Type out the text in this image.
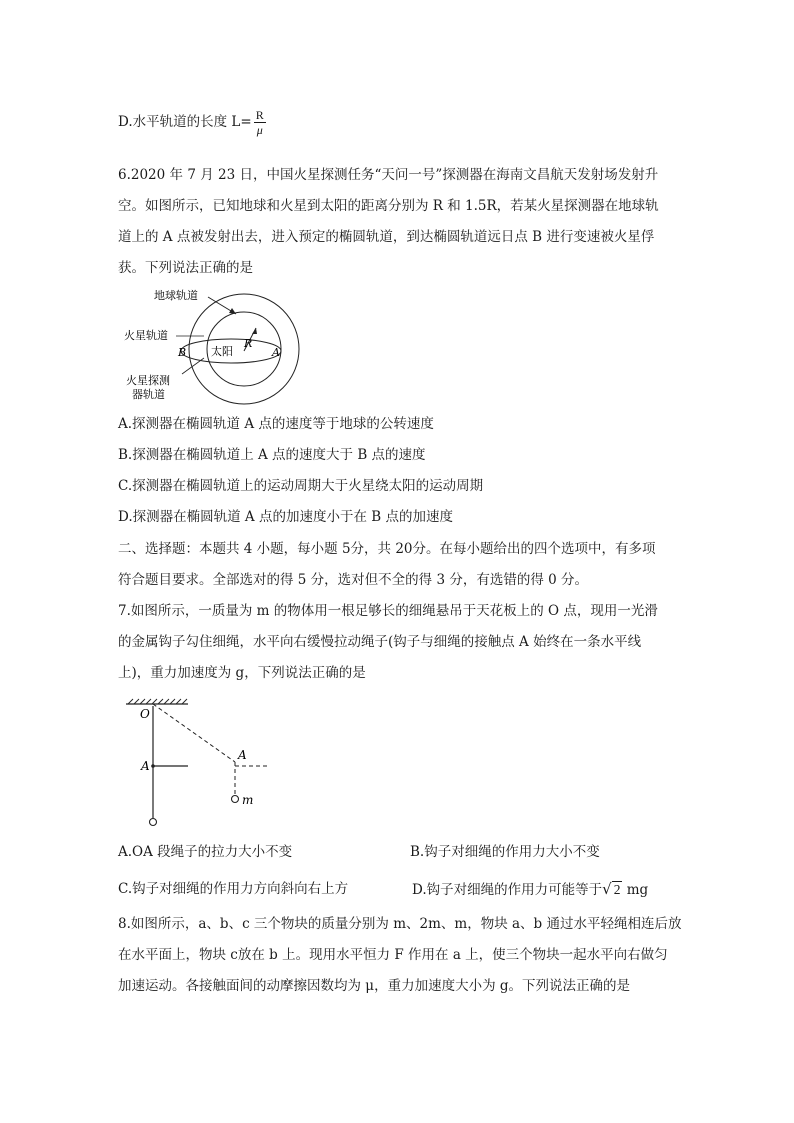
D.水平轨道的长度 $L= \frac{R}{\mu}$
6.2020 年 7 月 23 日，中国火星探测任务“天问一号”探测器在海南文昌航天发射场发射升
空。如图所示，已知地球和火星到太阳的距离分别为 R 和 1.5R，若某火星探测器在地球轨
道上的 A 点被发射出去，进入预定的椭圆轨道，到达椭圆轨道远日点 B 进行变速被火星俘
获。下列说法正确的是
地球轨道
火星轨道
B 太阳
R
A
火星探测
器轨道
A.探测器在椭圆轨道 A 点的速度等于地球的公转速度
B.探测器在椭圆轨道上 A 点的速度大于 B 点的速度
C.探测器在椭圆轨道上的运动周期大于火星绕太阳的运动周期
D.探测器在椭圆轨道 A 点的加速度小于在 B 点的加速度
二、选择题：本题共 4 小题，每小题 5分，共 20分。在每小题给出的四个选项中，有多项
符合题目要求。全部选对的得 5 分，选对但不全的得 3 分，有选错的得 0 分。
7.如图所示，一质量为 m 的物体用一根足够长的细绳悬吊于天花板上的 O 点，现用一光滑
的金属钩子勾住细绳，水平向右缓慢拉动绳子(钩子与细绳的接触点 A 始终在一条水平线
上)，重力加速度为 g，下列说法正确的是
O
A
A
m
A.OA 段绳子的拉力大小不变	B.钩子对细绳的作用力大小不变
C.钩子对细绳的作用力方向斜向右上方	D.钩子对细绳的作用力可能等于√ 2 mg
8.如图所示，a、b、c 三个物块的质量分别为 m、2m、m，物块 a、b 通过水平轻绳相连后放
在水平面上，物块 c放在 b 上。现用水平恒力 F 作用在 a 上，使三个物块一起水平向右做匀
加速运动。各接触面间的动摩擦因数均为 μ，重力加速度大小为 g。下列说法正确的是
